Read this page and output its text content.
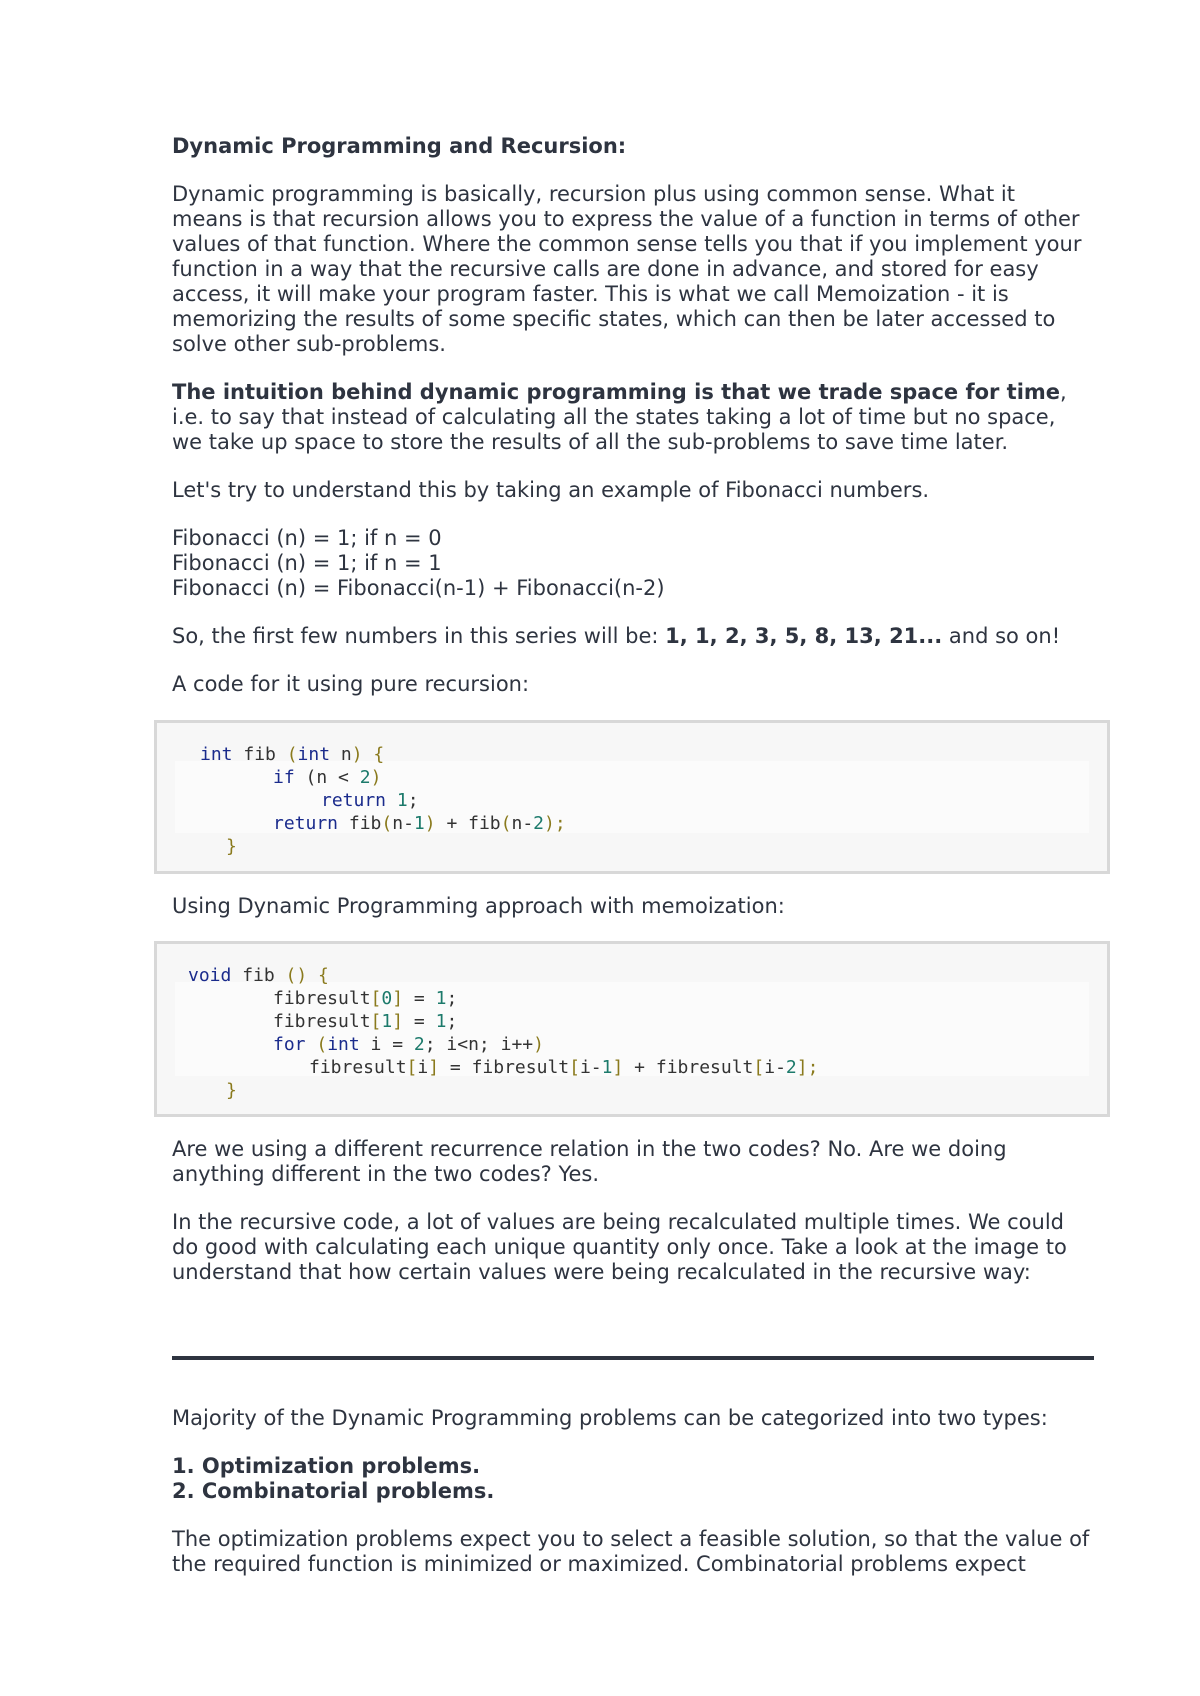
Dynamic Programming and Recursion:

Dynamic programming is basically, recursion plus using common sense. What it means is that recursion allows you to express the value of a function in terms of other values of that function. Where the common sense tells you that if you implement your function in a way that the recursive calls are done in advance, and stored for easy access, it will make your program faster. This is what we call Memoization - it is memorizing the results of some specific states, which can then be later accessed to solve other sub-problems.

The intuition behind dynamic programming is that we trade space for time, i.e. to say that instead of calculating all the states taking a lot of time but no space, we take up space to store the results of all the sub-problems to save time later.

Let's try to understand this by taking an example of Fibonacci numbers.

Fibonacci (n) = 1; if n = 0
Fibonacci (n) = 1; if n = 1
Fibonacci (n) = Fibonacci(n-1) + Fibonacci(n-2)

So, the first few numbers in this series will be: 1, 1, 2, 3, 5, 8, 13, 21... and so on!

A code for it using pure recursion:

int fib (int n) {
if (n < 2)
return 1;
return fib(n-1) + fib(n-2);
}
Using Dynamic Programming approach with memoization:
void fib () {
fibresult[0] = 1;
fibresult[1] = 1;
for (int i = 2; i<n; i++)
fibresult[i] = fibresult[i-1] + fibresult[i-2];
}
Are we using a different recurrence relation in the two codes? No. Are we doing anything different in the two codes? Yes.
In the recursive code, a lot of values are being recalculated multiple times. We could do good with calculating each unique quantity only once. Take a look at the image to understand that how certain values were being recalculated in the recursive way:
Majority of the Dynamic Programming problems can be categorized into two types:
1. Optimization problems.
2. Combinatorial problems.
The optimization problems expect you to select a feasible solution, so that the value of the required function is minimized or maximized. Combinatorial problems expect
